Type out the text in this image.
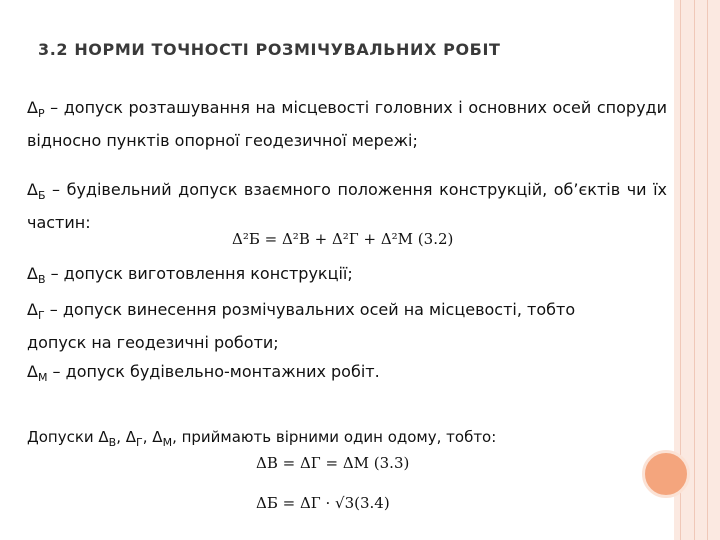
3.2 НОРМИ ТОЧНОСТІ РОЗМІЧУВАЛЬНИХ РОБІТ
$\Delta_Р$ – допуск розташування на місцевості головних і основних осей споруди відносно пунктів опорної геодезичної мережі;
$\Delta_Б$ – будівельний допуск взаємного положення конструкцій, об’єктів чи їх частин:
Δ²Б = Δ²В + Δ²Г + Δ²М (3.2)
$\Delta_В$ – допуск виготовлення конструкції;
$\Delta_Г$ – допуск винесення розмічувальних осей на місцевості, тобто допуск на геодезичні роботи;
$\Delta_М$ – допуск будівельно-монтажних робіт.
Допуски $\Delta_В$, $\Delta_Г$, $\Delta_М$, приймають вірними один одому, тобто:
ΔВ = ΔГ = ΔМ (3.3)
ΔБ = ΔГ · √3(3.4)
